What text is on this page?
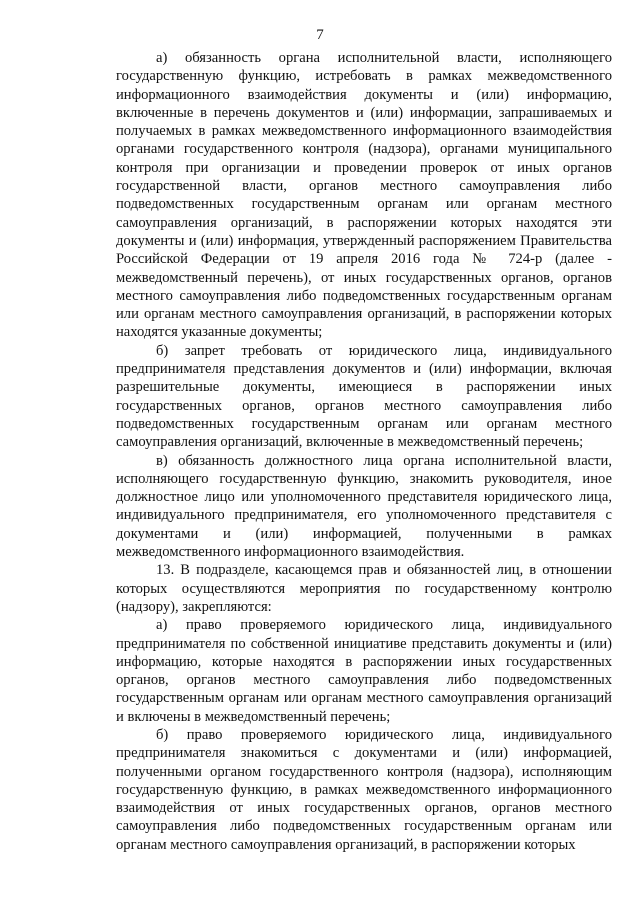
7

а) обязанность органа исполнительной власти, исполняющего государственную функцию, истребовать в рамках межведомственного информационного взаимодействия документы и (или) информацию, включенные в перечень документов и (или) информации, запрашиваемых и получаемых в рамках межведомственного информационного взаимодействия органами государственного контроля (надзора), органами муниципального контроля при организации и проведении проверок от иных органов государственной власти, органов местного самоуправления либо подведомственных государственным органам или органам местного самоуправления организаций, в распоряжении которых находятся эти документы и (или) информация, утвержденный распоряжением Правительства Российской Федерации от 19 апреля 2016 года № 724-р (далее - межведомственный перечень), от иных государственных органов, органов местного самоуправления либо подведомственных государственным органам или органам местного самоуправления организаций, в распоряжении которых находятся указанные документы;

б) запрет требовать от юридического лица, индивидуального предпринимателя представления документов и (или) информации, включая разрешительные документы, имеющиеся в распоряжении иных государственных органов, органов местного самоуправления либо подведомственных государственным органам или органам местного самоуправления организаций, включенные в межведомственный перечень;

в) обязанность должностного лица органа исполнительной власти, исполняющего государственную функцию, знакомить руководителя, иное должностное лицо или уполномоченного представителя юридического лица, индивидуального предпринимателя, его уполномоченного представителя с документами и (или) информацией, полученными в рамках межведомственного информационного взаимодействия.

13. В подразделе, касающемся прав и обязанностей лиц, в отношении которых осуществляются мероприятия по государственному контролю (надзору), закрепляются:

а) право проверяемого юридического лица, индивидуального предпринимателя по собственной инициативе представить документы и (или) информацию, которые находятся в распоряжении иных государственных органов, органов местного самоуправления либо подведомственных государственным органам или органам местного самоуправления организаций и включены в межведомственный перечень;

б) право проверяемого юридического лица, индивидуального предпринимателя знакомиться с документами и (или) информацией, полученными органом государственного контроля (надзора), исполняющим государственную функцию, в рамках межведомственного информационного взаимодействия от иных государственных органов, органов местного самоуправления либо подведомственных государственным органам или органам местного самоуправления организаций, в распоряжении которых
